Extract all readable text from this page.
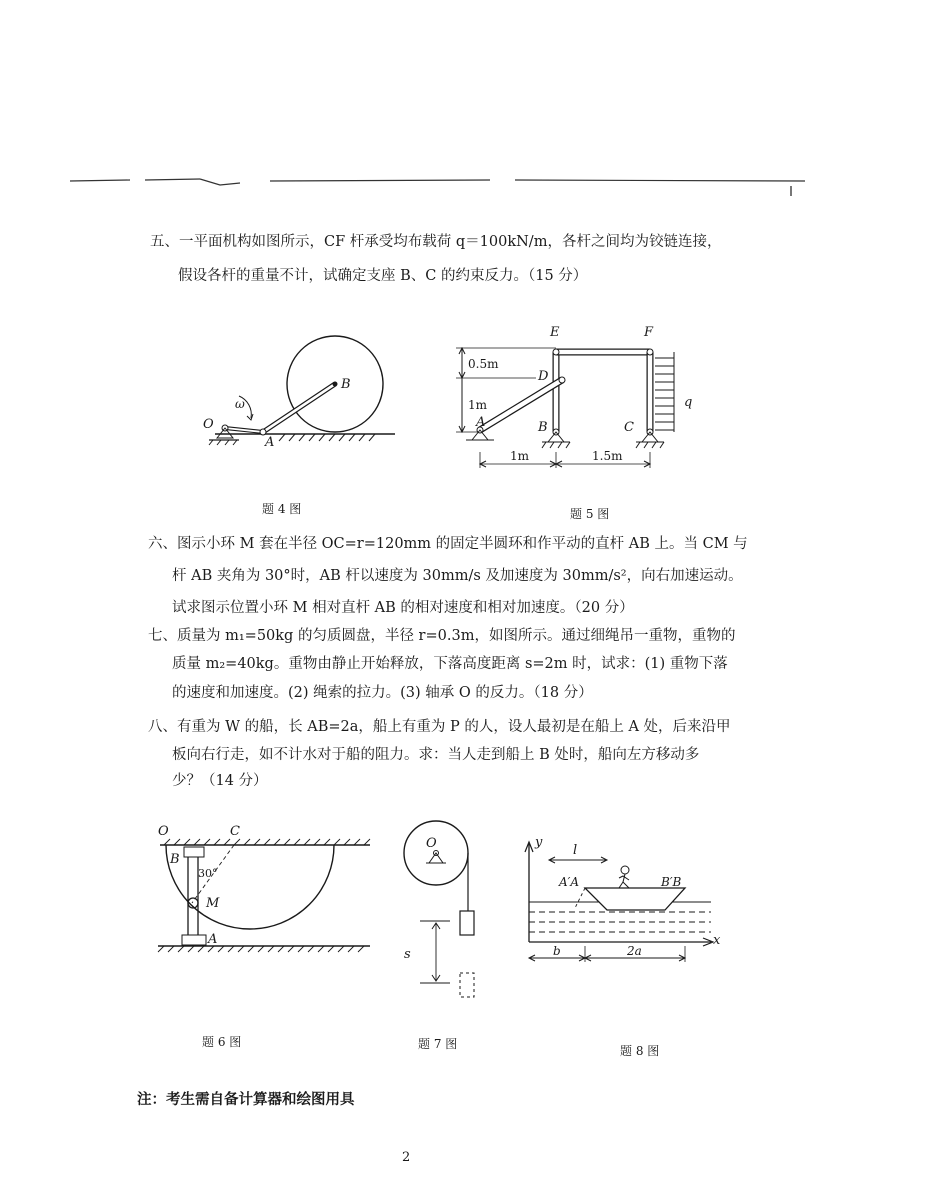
五、一平面机构如图所示，CF 杆承受均布载荷 q＝100kN/m，各杆之间均为铰链连接，
假设各杆的重量不计，试确定支座 B、C 的约束反力。（15 分）
O
A
B
ω
题 4 图
E	F
D
A	B	C
q
0.5m
1m
1m	1.5m
题 5 图
六、图示小环 M 套在半径 OC=r=120mm 的固定半圆环和作平动的直杆 AB 上。当 CM 与
杆 AB 夹角为 30°时，AB 杆以速度为 30mm/s 及加速度为 30mm/s²，向右加速运动。
试求图示位置小环 M 相对直杆 AB 的相对速度和相对加速度。（20 分）
七、质量为 m₁=50kg 的匀质圆盘，半径 r=0.3m，如图所示。通过细绳吊一重物，重物的
质量 m₂=40kg。重物由静止开始释放，下落高度距离 s=2m 时，试求：(1) 重物下落
的速度和加速度。(2) 绳索的拉力。(3) 轴承 O 的反力。（18 分）
八、有重为 W 的船，长 AB=2a，船上有重为 P 的人，设人最初是在船上 A 处，后来沿甲
板向右行走，如不计水对于船的阻力。求：当人走到船上 B 处时，船向左方移动多
少？（14 分）
O	C
B
A
M
30°
题 6 图
O
s
题 7 图
y
x
l
A′A	B′B
b	2a
题 8 图
注：考生需自备计算器和绘图用具
2
